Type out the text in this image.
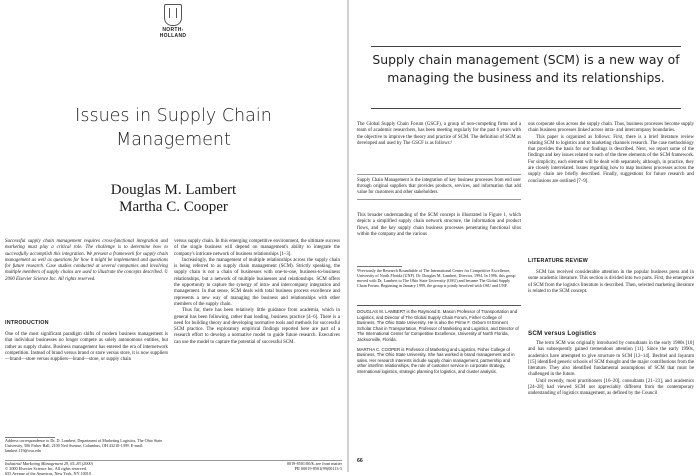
NORTH-HOLLAND
Issues in Supply Chain
Management
Douglas M. Lambert
Martha C. Cooper
Successful supply chain management requires cross-functional integration and marketing must play a critical role. The challenge is to determine how to successfully accomplish this integration. We present a framework for supply chain management as well as questions for how it might be implemented and questions for future research. Case studies conducted at several companies and involving multiple members of supply chains are used to illustrate the concepts described. © 2000 Elsevier Science Inc. All rights reserved.
INTRODUCTION
One of the most significant paradigm shifts of modern business management is that individual businesses no longer compete as solely autonomous entities, but rather as supply chains. Business management has entered the era of internetwork competition. Instead of brand versus brand or store versus store, it is now suppliers—brand—store versus suppliers—brand—store, or supply chain
Address correspondence to Dr. D. Lambert, Department of Marketing Logistics, The Ohio State University, 506 Fisher Hall, 2100 Neil Avenue, Columbus, OH 43210-1399. E-mail: lambert.119@osu.edu
versus supply chain. In this emerging competitive environment, the ultimate success of the single business will depend on management's ability to integrate the company's intricate network of business relationships [1–3].
Increasingly, the management of multiple relationships across the supply chain is being referred to as supply chain management (SCM). Strictly speaking, the supply chain is not a chain of businesses with one-to-one, business-to-business relationships, but a network of multiple businesses and relationships. SCM offers the opportunity to capture the synergy of intra- and intercompany integration and management. In that sense, SCM deals with total business process excellence and represents a new way of managing the business and relationships with other members of the supply chain.
Thus far, there has been relatively little guidance from academia, which in general has been following, rather than leading, business practice [4–6]. There is a need for building theory and developing normative tools and methods for successful SCM practice. The exploratory empirical findings reported here are part of a research effort to develop a normative model to guide future research. Executives can use the model to capture the potential of successful SCM.
Industrial Marketing Management 29, 65–83 (2000)
© 2000 Elsevier Science Inc. All rights reserved.
655 Avenue of the Americas, New York, NY 10010
0019-8501/00/$–see front matter
PII S0019-8501(99)00113-3
Supply chain management (SCM) is a new way of managing the business and its relationships.
The Global Supply Chain Forum (GSCF), a group of non-competing firms and a team of academic researchers, has been meeting regularly for the past 6 years with the objective to improve the theory and practice of SCM. The definition of SCM as developed and used by The GSCF is as follows:¹
Supply Chain Management is the integration of key business processes from end user through original suppliers that provides products, services, and information that add value for customers and other stakeholders.
This broader understanding of the SCM concept is illustrated in Figure 1, which depicts a simplified supply chain network structure, the information and product flows, and the key supply chain business processes penetrating functional silos within the company and the various
¹Previously the Research Roundtable of The International Center for Competitive Excellence, University of North Florida (UNF). Dr. Douglas M. Lambert, Director, 1994. In 1996, this group moved with Dr. Lambert to The Ohio State University (OSU) and became The Global Supply Chain Forum. Beginning in January 1999, the group is jointly involved with OSU and UNF.
DOUGLAS M. LAMBERT is the Raymond E. Mason Professor of Transportation and Logistics, and Director of The Global Supply Chain Forum, Fisher College of Business, The Ohio State University. He is also the Prime F. Osborn III Eminent Scholar Chair in Transportation, Professor of Marketing and Logistics, and Director of The International Center for Competitive Excellence, University of North Florida, Jacksonville, Florida.
MARTHA C. COOPER is Professor of Marketing and Logistics, Fisher College of Business, The Ohio State University. She has worked in brand management and in sales. Her research interests include supply chain management, partnership and other interfirm relationships, the role of customer service in corporate strategy, international logistics, strategic planning for logistics, and cluster analysis.
ous corporate silos across the supply chain. Thus, business processes become supply chain business processes linked across intra- and intercompany boundaries.
This paper is organized as follows: First, there is a brief literature review relating SCM to logistics and to marketing channels research. The case methodology that provides the basis for our findings is described. Next, we report some of the findings and key issues related to each of the three elements of the SCM framework. For simplicity, each element will be dealt with separately, although, in practice, they are closely interrelated. Issues regarding how to map business processes across the supply chain are briefly described. Finally, suggestions for future research and conclusions are outlined [7–9].
LITERATURE REVIEW
SCM has received considerable attention in the popular business press and in some academic literature. This section is divided into two parts. First, the emergence of SCM from the logistics literature is described. Then, selected marketing literature is related to the SCM concept.
SCM versus Logistics
The term SCM was originally introduced by consultants in the early 1980s [10] and has subsequently gained tremendous attention [11]. Since the early 1990s, academics have attempted to give structure to SCM [12–14]. Bechtel and Jayaram [15] identified generic schools of SCM thought and the major contributions from the literature. They also identified fundamental assumptions of SCM that must be challenged in the future.
Until recently, most practitioners [16–20], consultants [21–23], and academics [24–28] had viewed SCM not appreciably different from the contemporary understanding of logistics management, as defined by the Council
66
